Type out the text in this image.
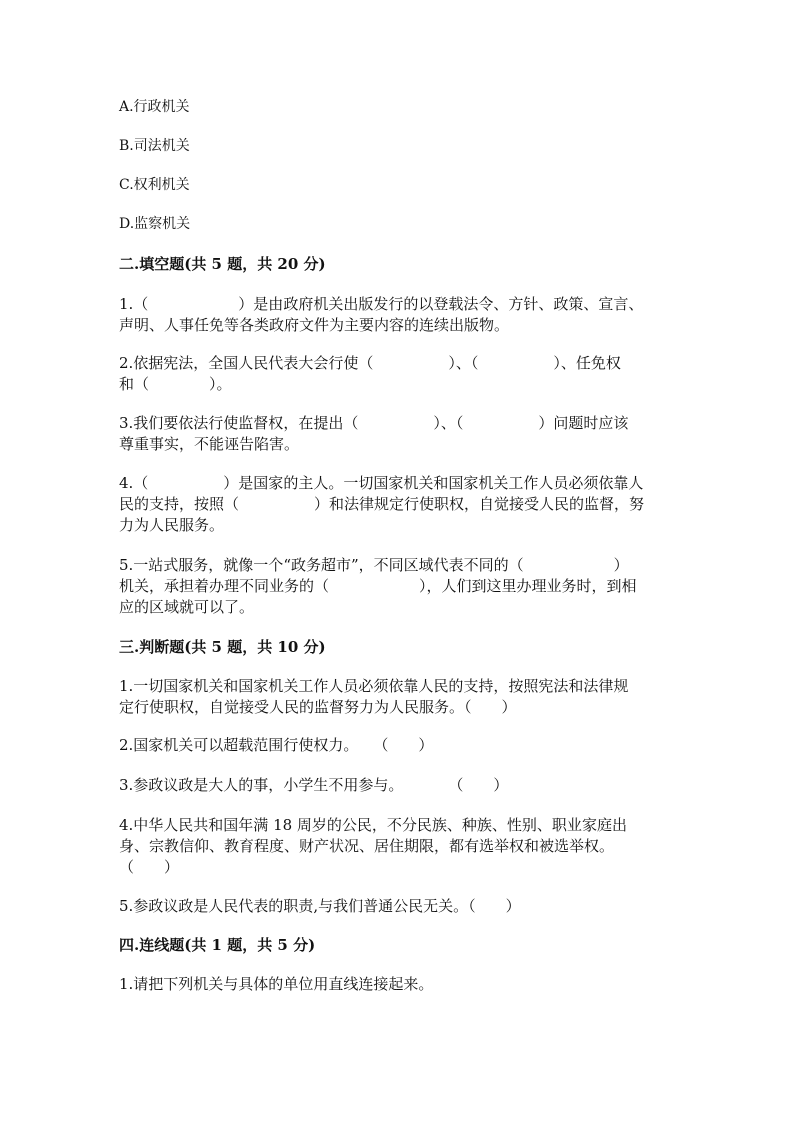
A.行政机关
B.司法机关
C.权利机关
D.监察机关
二.填空题(共 5 题，共 20 分)
1.（　　　　　　）是由政府机关出版发行的以登载法令、方针、政策、宣言、
声明、人事任免等各类政府文件为主要内容的连续出版物。
2.依据宪法，全国人民代表大会行使（　　　　　）、（　　　　　）、任免权
和（　　　　）。
3.我们要依法行使监督权，在提出（　　　　　）、（　　　　　）问题时应该
尊重事实，不能诬告陷害。
4.（　　　　　）是国家的主人。一切国家机关和国家机关工作人员必须依靠人
民的支持，按照（　　　　　）和法律规定行使职权，自觉接受人民的监督，努
力为人民服务。
5.一站式服务，就像一个“政务超市”，不同区域代表不同的（　　　　　　）
机关，承担着办理不同业务的（　　　　　　），人们到这里办理业务时，到相
应的区域就可以了。
三.判断题(共 5 题，共 10 分)
1.一切国家机关和国家机关工作人员必须依靠人民的支持，按照宪法和法律规
定行使职权，自觉接受人民的监督努力为人民服务。（　　）
2.国家机关可以超载范围行使权力。　　（　　）
3.参政议政是大人的事，小学生不用参与。　　　　（　　）
4.中华人民共和国年满 18 周岁的公民，不分民族、种族、性别、职业家庭出
身、宗教信仰、教育程度、财产状况、居住期限，都有选举权和被选举权。
（　　）
5.参政议政是人民代表的职责,与我们普通公民无关。（　　）
四.连线题(共 1 题，共 5 分)
1.请把下列机关与具体的单位用直线连接起来。
